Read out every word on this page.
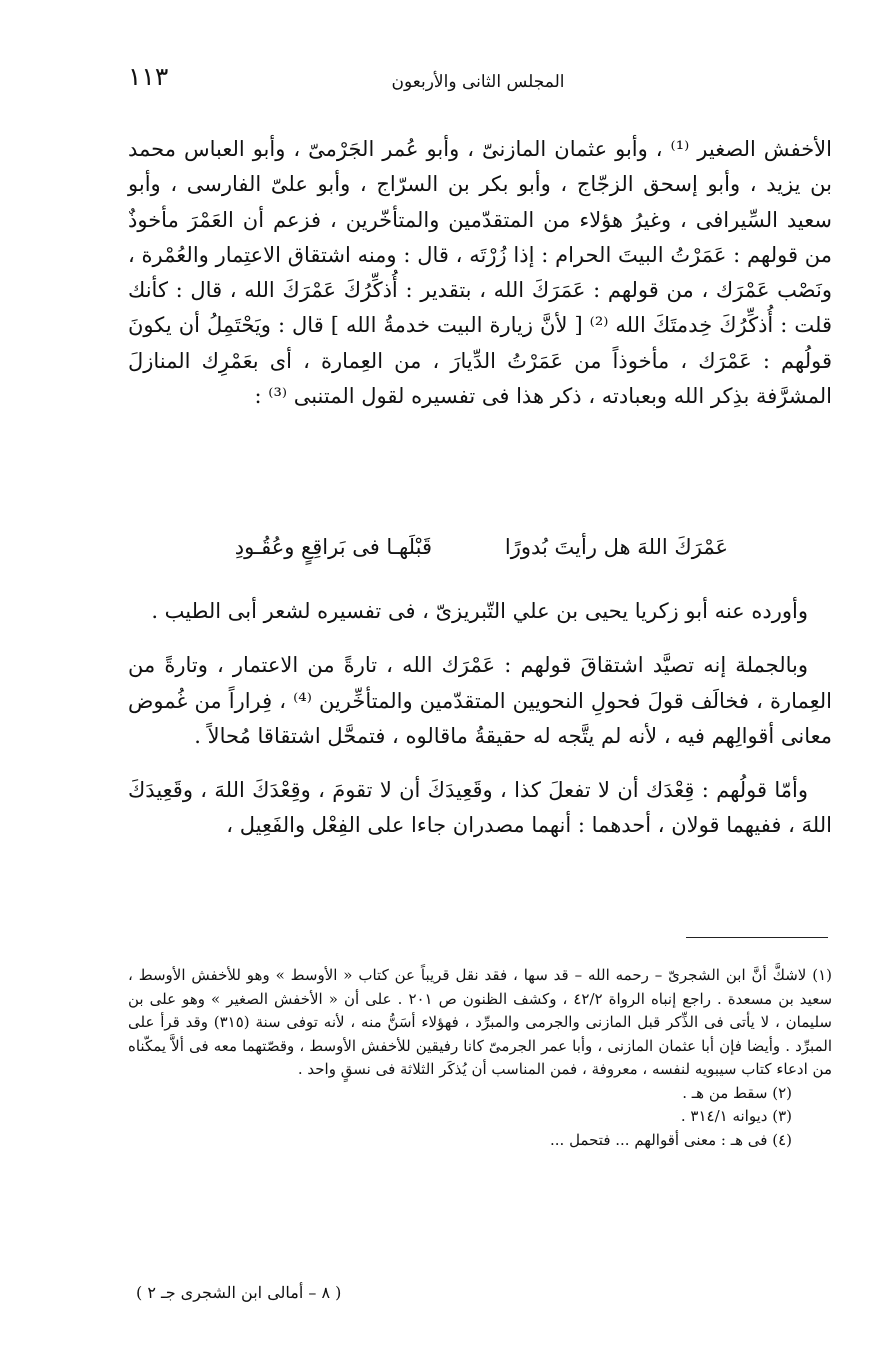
المجلس الثانى والأربعون
١١٣

الأخفش الصغير ⁽¹⁾ ، وأبو عثمان المازنىّ ، وأبو عُمر الجَرْمىّ ، وأبو العباس محمد بن يزيد ، وأبو إسحق الزجّاج ، وأبو بكر بن السرّاج ، وأبو علىّ الفارسى ، وأبو سعيد السِّيرافى ، وغيرُ هؤلاء من المتقدّمين والمتأخّرين ، فزعم أن العَمْرَ مأخوذٌ من قولهم : عَمَرْتُ البيتَ الحرام : إذا زُرْتَه ، قال : ومنه اشتقاق الاعتِمار والعُمْرة ، ونَصْب عَمْرَك ، من قولهم : عَمَرَكَ الله ، بتقدير : أُذكِّرُكَ عَمْرَكَ الله ، قال : كأنك قلت : أُذكِّرُكَ خِدمتَكَ الله ⁽²⁾ [ لأنَّ زيارة البيت خدمةُ الله ] قال : ويَحْتَمِلُ أن يكونَ قولُهم : عَمْرَك ، مأخوذاً من عَمَرْتُ الدِّيارَ ، من العِمارة ، أى بعَمْرِك المنازلَ المشرَّفة بذِكر الله وبعبادته ، ذكر هذا فى تفسيره لقول المتنبى ⁽³⁾ :

عَمْرَكَ اللهَ هل رأيتَ بُدورًا
قَبْلَهـا فى بَراقِعٍ وعُقُـودِ

وأورده عنه أبو زكريا يحيى بن علي التّبريزىّ ، فى تفسيره لشعر أبى الطيب .

وبالجملة إنه تصيَّد اشتقاقَ قولهم : عَمْرَك الله ، تارةً من الاعتمار ، وتارةً من العِمارة ، فخالَف قولَ فحولِ النحويين المتقدّمين والمتأخِّرين ⁽⁴⁾ ، فِراراً من غُموض معانى أقوالِهم فيه ، لأنه لم يتَّجه له حقيقةُ ماقالوه ، فتمحَّل اشتقاقا مُحالاً .

وأمّا قولُهم : قِعْدَك أن لا تفعلَ كذا ، وقَعِيدَكَ أن لا تقومَ ، وقِعْدَكَ اللهَ ، وقَعِيدَكَ اللهَ ، ففيهما قولان ، أحدهما : أنهما مصدران جاءا على الفِعْل والفَعِيل ،

(١) لاشكَّ أنَّ ابن الشجرىّ – رحمه الله – قد سها ، فقد نقل قريباً عن كتاب « الأوسط » وهو للأخفش الأوسط ، سعيد بن مسعدة . راجع إنباه الرواة ٤٢/٢ ، وكشف الظنون ص ٢٠١ . على أن « الأخفش الصغير » وهو على بن سليمان ، لا يأتى فى الذِّكر قبل المازنى والجرمى والمبرِّد ، فهؤلاء أسَنُّ منه ، لأنه توفى سنة (٣١٥) وقد قرأ على المبرِّد . وأيضا فإن أبا عثمان المازنى ، وأبا عمر الجرمىّ كانا رفيقين للأخفش الأوسط ، وقصّتهما معه فى ألاَّ يمكّناه من ادعاء كتاب سيبويه لنفسه ، معروفة ، فمن المناسب أن يُذكَر الثلاثة فى نسقٍ واحد .

(٢) سقط من هـ .

(٣) ديوانه ٣١٤/١ .

(٤) فى هـ : معنى أقوالهم ... فتحمل ...

( ٨ – أمالى ابن الشجرى جـ ٢ )
